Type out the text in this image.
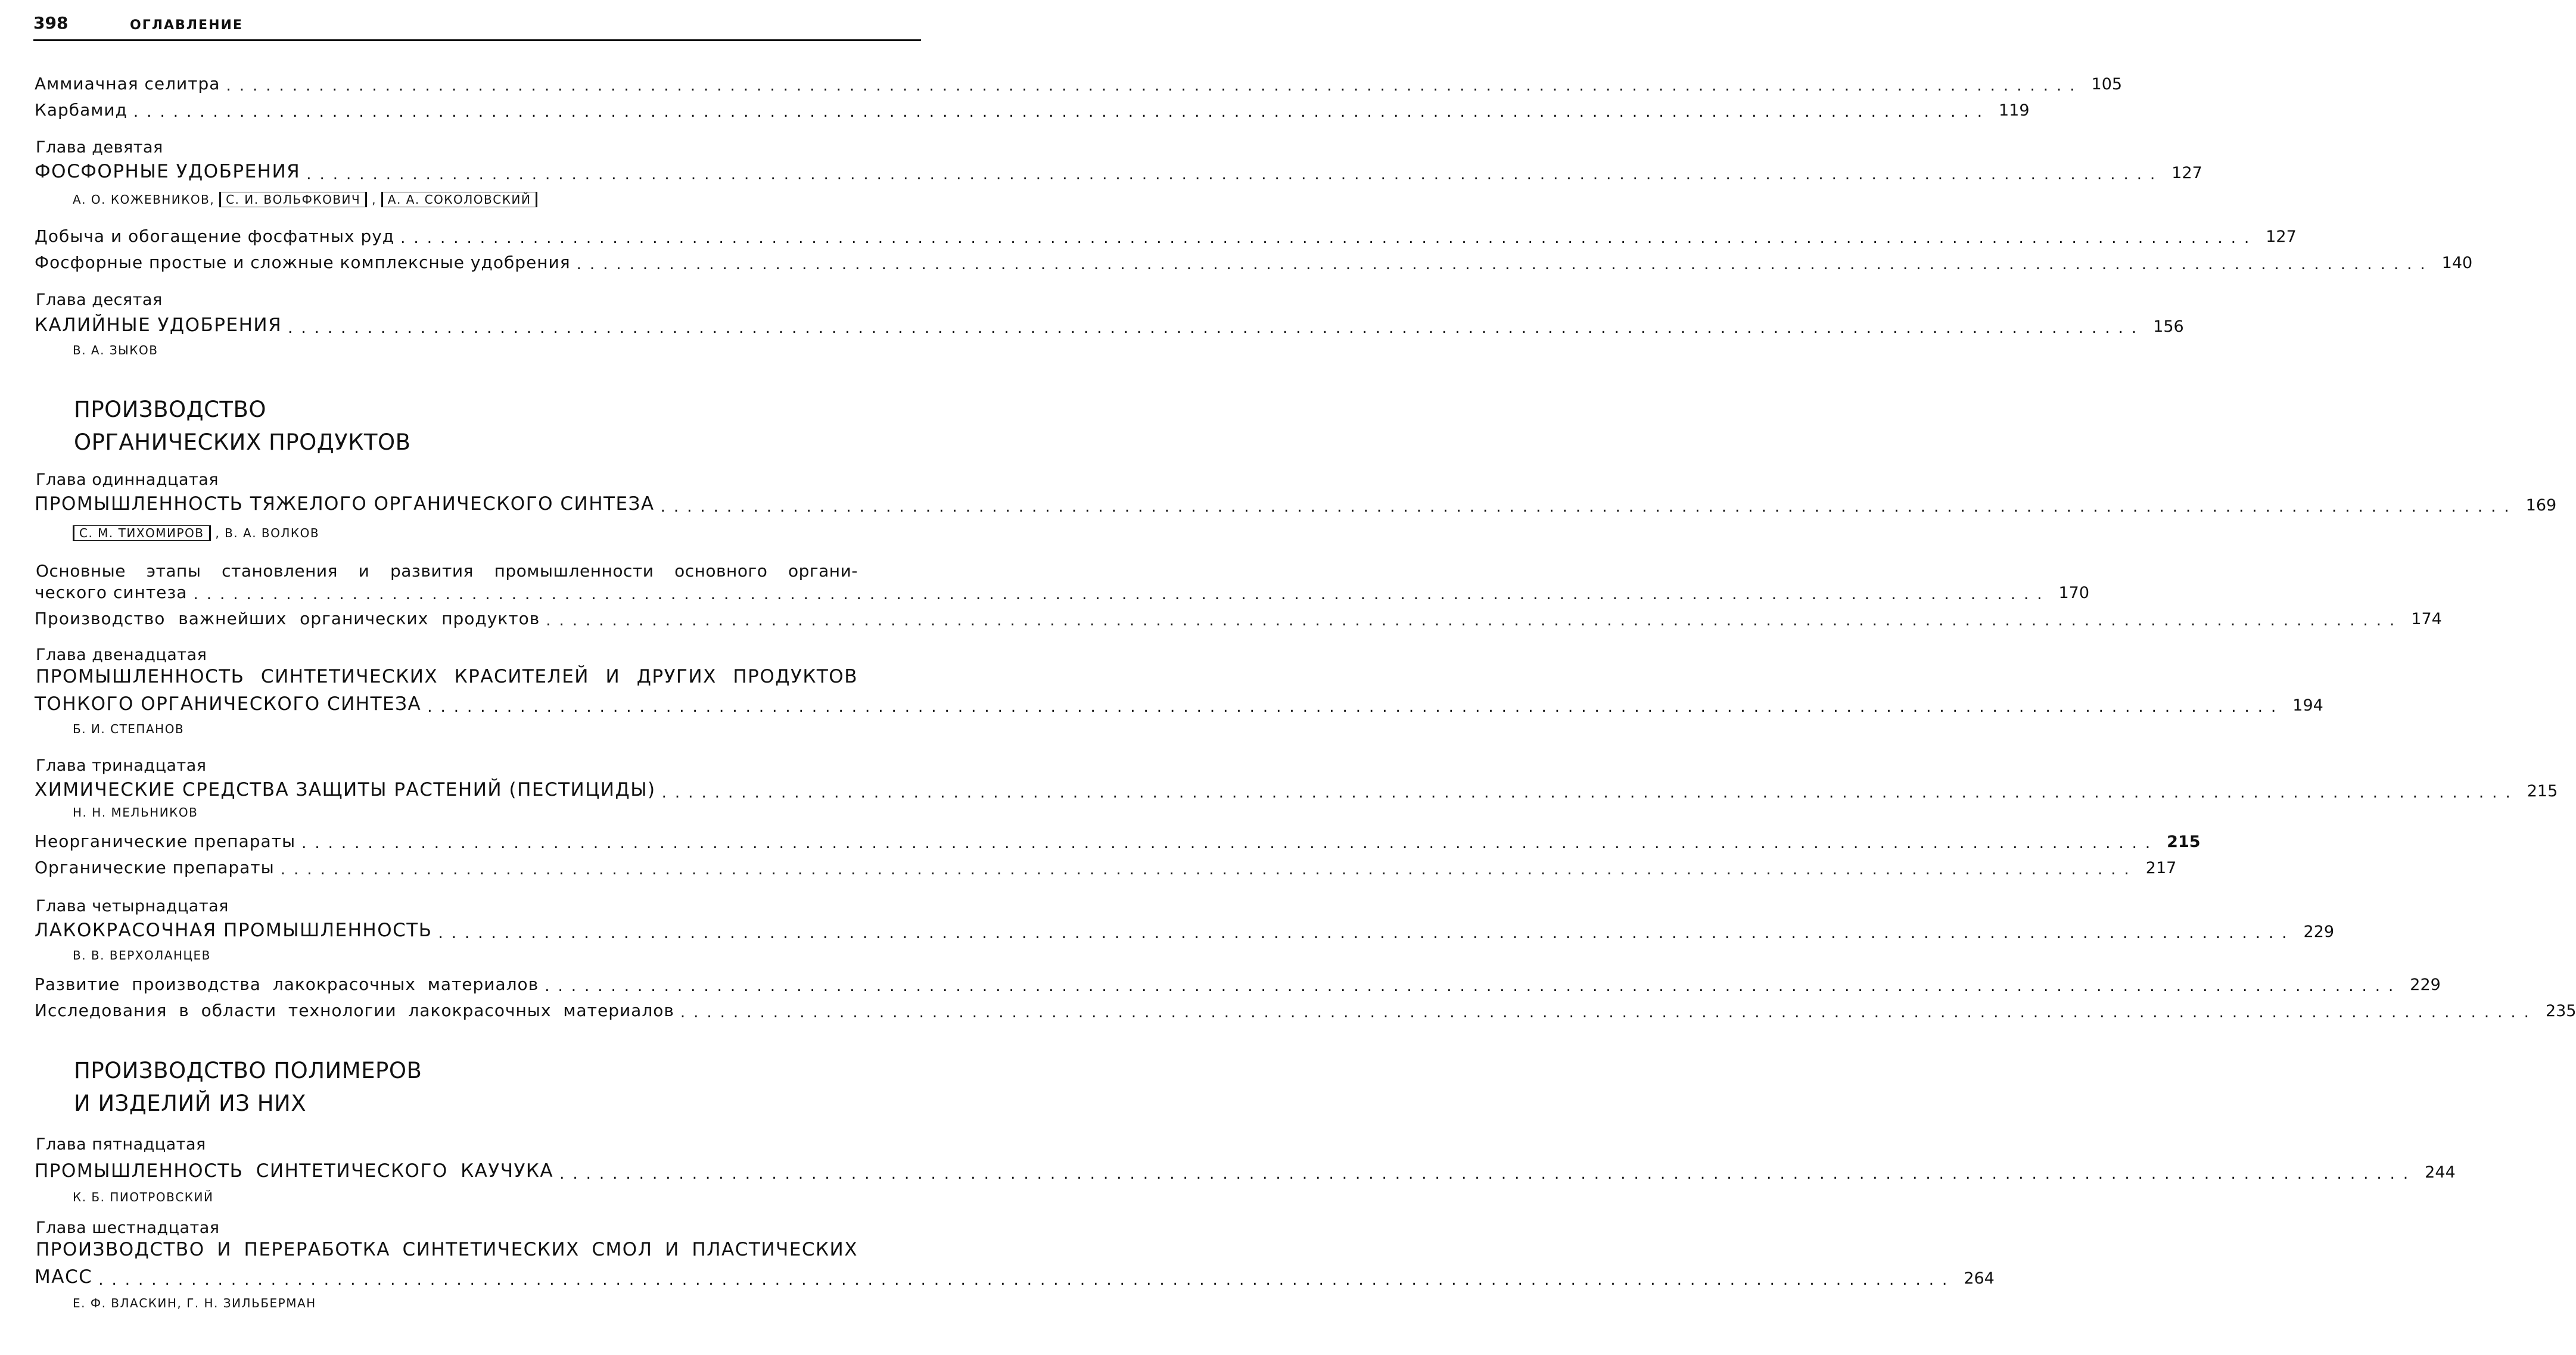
398	ОГЛАВЛЕНИЕ
Аммиачная селитра ............................................................................................................................................ 105
Карбамид ............................................................................................................................................ 119
Глава девятая
ФОСФОРНЫЕ УДОБРЕНИЯ ............................................................................................................................................ 127
А. О. КОЖЕВНИКОВ, С. И. ВОЛЬФКОВИЧ , А. А. СОКОЛОВСКИЙ
Добыча и обогащение фосфатных руд ............................................................................................................................................ 127
Фосфорные простые и сложные комплексные удобрения ............................................................................................................................................ 140
Глава десятая
КАЛИЙНЫЕ УДОБРЕНИЯ ............................................................................................................................................ 156
В. А. ЗЫКОВ
ПРОИЗВОДСТВО
ОРГАНИЧЕСКИХ ПРОДУКТОВ
Глава одиннадцатая
ПРОМЫШЛЕННОСТЬ ТЯЖЕЛОГО ОРГАНИЧЕСКОГО СИНТЕЗА ............................................................................................................................................ 169
С. М. ТИХОМИРОВ , В. А. ВОЛКОВ
Основные этапы становления и развития промышленности основного органи-
ческого синтеза ............................................................................................................................................ 170
Производство важнейших органических продуктов ............................................................................................................................................ 174
Глава двенадцатая
ПРОМЫШЛЕННОСТЬ СИНТЕТИЧЕСКИХ КРАСИТЕЛЕЙ И ДРУГИХ ПРОДУКТОВ
ТОНКОГО ОРГАНИЧЕСКОГО СИНТЕЗА ............................................................................................................................................ 194
Б. И. СТЕПАНОВ
Глава тринадцатая
ХИМИЧЕСКИЕ СРЕДСТВА ЗАЩИТЫ РАСТЕНИЙ (ПЕСТИЦИДЫ) ............................................................................................................................................ 215
Н. Н. МЕЛЬНИКОВ
Неорганические препараты ............................................................................................................................................ 215
Органические препараты ............................................................................................................................................ 217
Глава четырнадцатая
ЛАКОКРАСОЧНАЯ ПРОМЫШЛЕННОСТЬ ............................................................................................................................................ 229
В. В. ВЕРХОЛАНЦЕВ
Развитие производства лакокрасочных материалов ............................................................................................................................................ 229
Исследования в области технологии лакокрасочных материалов ............................................................................................................................................ 235
ПРОИЗВОДСТВО ПОЛИМЕРОВ
И ИЗДЕЛИЙ ИЗ НИХ
Глава пятнадцатая
ПРОМЫШЛЕННОСТЬ СИНТЕТИЧЕСКОГО КАУЧУКА ............................................................................................................................................ 244
К. Б. ПИОТРОВСКИЙ
Глава шестнадцатая
ПРОИЗВОДСТВО И ПЕРЕРАБОТКА СИНТЕТИЧЕСКИХ СМОЛ И ПЛАСТИЧЕСКИХ
МАСС ............................................................................................................................................ 264
Е. Ф. ВЛАСКИН, Г. Н. ЗИЛЬБЕРМАН
